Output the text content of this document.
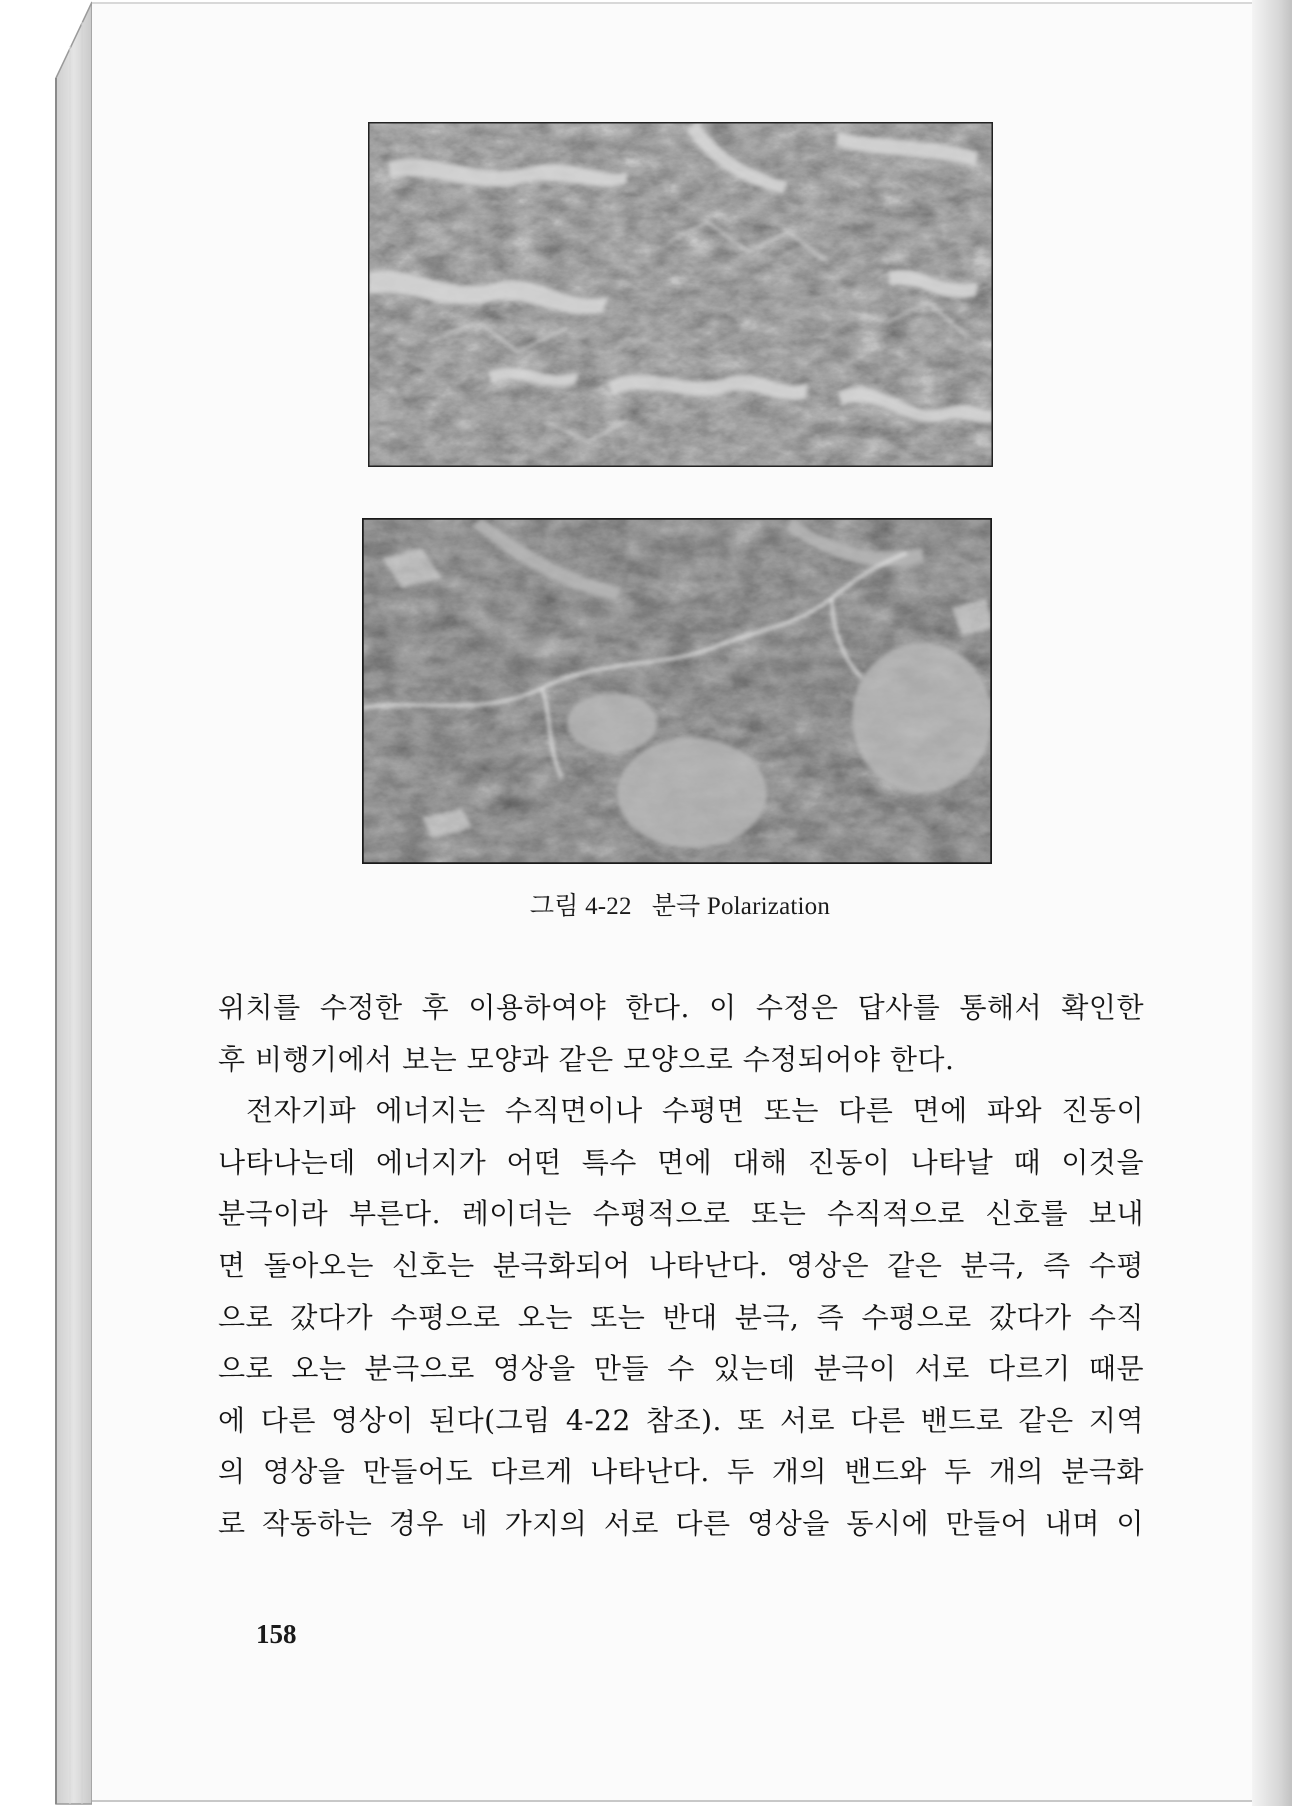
그림 4-22 분극 Polarization
위치를 수정한 후 이용하여야 한다. 이 수정은 답사를 통해서 확인한
후 비행기에서 보는 모양과 같은 모양으로 수정되어야 한다.
전자기파 에너지는 수직면이나 수평면 또는 다른 면에 파와 진동이
나타나는데 에너지가 어떤 특수 면에 대해 진동이 나타날 때 이것을
분극이라 부른다. 레이더는 수평적으로 또는 수직적으로 신호를 보내
면 돌아오는 신호는 분극화되어 나타난다. 영상은 같은 분극, 즉 수평
으로 갔다가 수평으로 오는 또는 반대 분극, 즉 수평으로 갔다가 수직
으로 오는 분극으로 영상을 만들 수 있는데 분극이 서로 다르기 때문
에 다른 영상이 된다(그림 4-22 참조). 또 서로 다른 밴드로 같은 지역
의 영상을 만들어도 다르게 나타난다. 두 개의 밴드와 두 개의 분극화
로 작동하는 경우 네 가지의 서로 다른 영상을 동시에 만들어 내며 이
158
